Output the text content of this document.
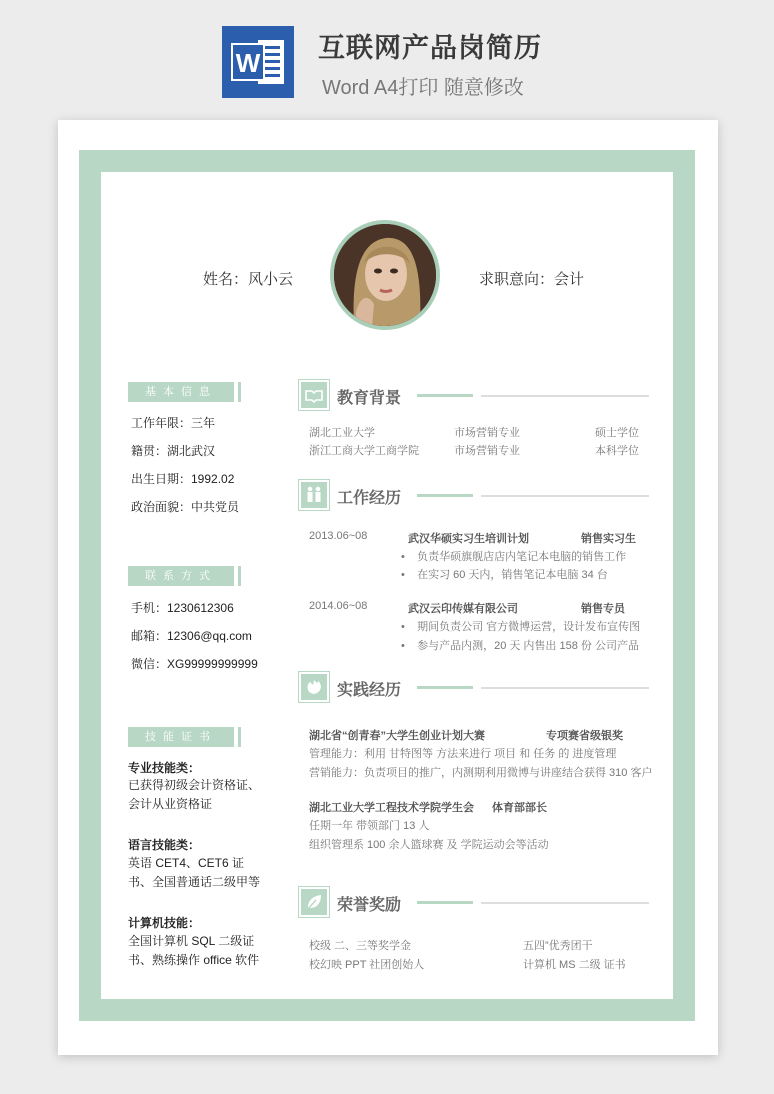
W 互联网产品岗简历
Word A4打印 随意修改
姓名：风小云	求职意向：会计
基本信息
工作年限：三年
籍贯：湖北武汉
出生日期：1992.02
政治面貌：中共党员
联系方式
手机：1230612306
邮箱：12306@qq.com
微信：XG99999999999
技能证书
专业技能类：
已获得初级会计资格证、会计从业资格证
语言技能类：
英语 CET4、CET6 证书、全国普通话二级甲等
计算机技能：
全国计算机 SQL 二级证书、熟练操作 office 软件
教育背景
湖北工业大学	市场营销专业	硕士学位
浙江工商大学工商学院	市场营销专业	本科学位
工作经历
2013.06~08	武汉华硕实习生培训计划	销售实习生
•    负责华硕旗舰店店内笔记本电脑的销售工作
•    在实习 60 天内，销售笔记本电脑 34 台
2014.06~08	武汉云印传媒有限公司	销售专员
•    期间负责公司 官方微博运营，设计发布宣传图
•    参与产品内测，20 天 内售出 158 份 公司产品
实践经历
湖北省“创青春”大学生创业计划大赛	专项赛省级银奖
管理能力：利用 甘特图等 方法来进行 项目 和 任务 的 进度管理
营销能力：负责项目的推广，内测期利用微博与讲座结合获得 310 客户
湖北工业大学工程技术学院学生会 体育部部长
任期一年 带领部门 13 人
组织管理系 100 余人篮球赛 及 学院运动会等活动
荣誉奖励
校级 二、三等奖学金	五四”优秀团干
校幻映 PPT 社团创始人	计算机 MS 二级 证书
